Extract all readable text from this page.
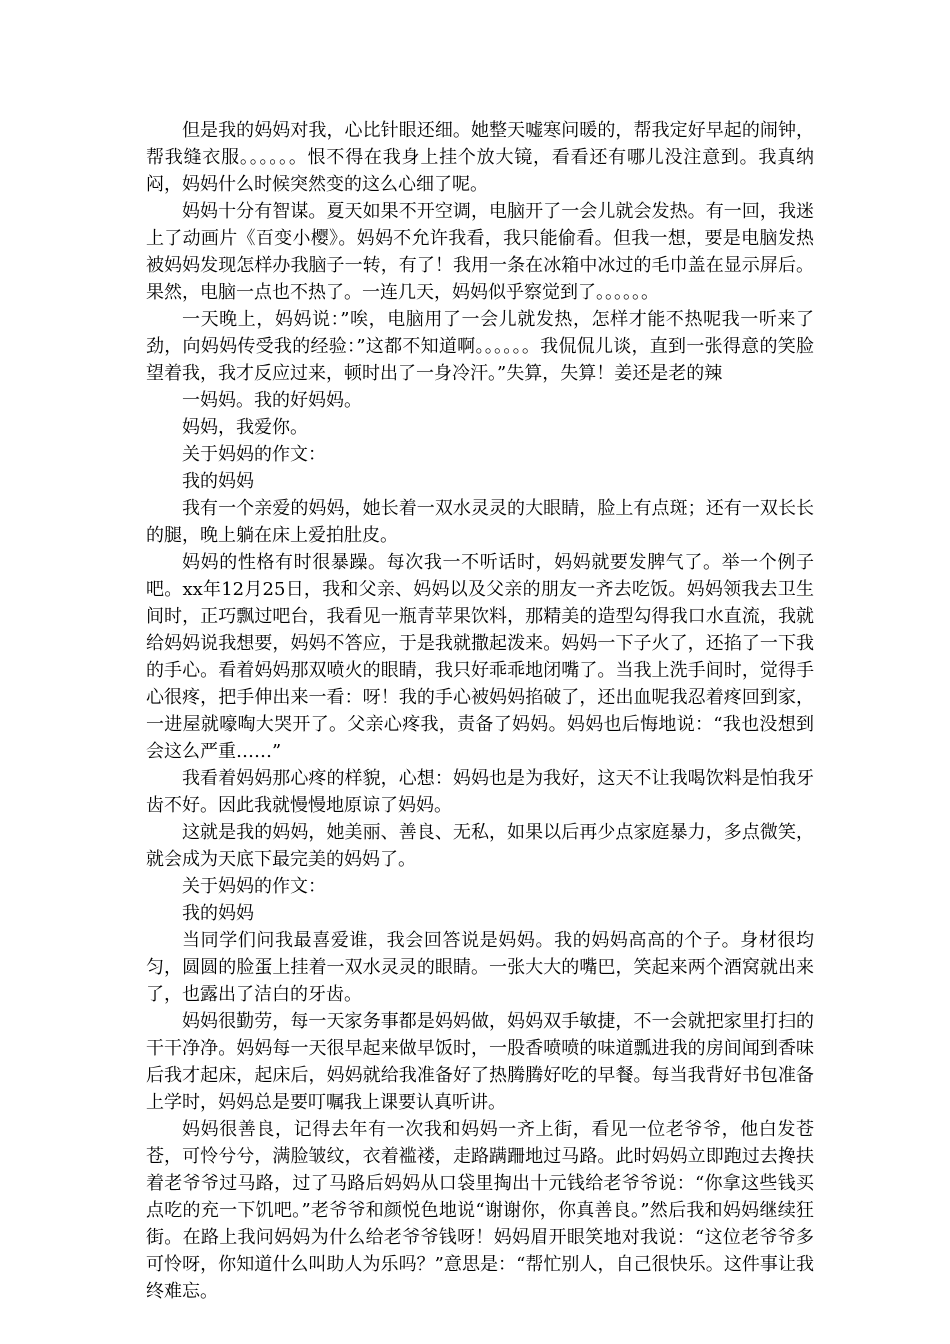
但是我的妈妈对我，心比针眼还细。她整天嘘寒问暖的，帮我定好早起的闹钟，帮我缝衣服。。。。。。恨不得在我身上挂个放大镜，看看还有哪儿没注意到。我真纳闷，妈妈什么时候突然变的这么心细了呢。

妈妈十分有智谋。夏天如果不开空调，电脑开了一会儿就会发热。有一回，我迷上了动画片《百变小樱》。妈妈不允许我看，我只能偷看。但我一想，要是电脑发热被妈妈发现怎样办我脑子一转，有了！我用一条在冰箱中冰过的毛巾盖在显示屏后。果然，电脑一点也不热了。一连几天，妈妈似乎察觉到了。。。。。。

一天晚上，妈妈说：”唉，电脑用了一会儿就发热，怎样才能不热呢我一听来了劲，向妈妈传受我的经验：”这都不知道啊。。。。。。我侃侃儿谈，直到一张得意的笑脸望着我，我才反应过来，顿时出了一身冷汗。”失算，失算！姜还是老的辣

一妈妈。我的好妈妈。

妈妈，我爱你。

关于妈妈的作文：

我的妈妈

我有一个亲爱的妈妈，她长着一双水灵灵的大眼睛，脸上有点斑；还有一双长长的腿，晚上躺在床上爱拍肚皮。

妈妈的性格有时很暴躁。每次我一不听话时，妈妈就要发脾气了。举一个例子吧。xx年12月25日，我和父亲、妈妈以及父亲的朋友一齐去吃饭。妈妈领我去卫生间时，正巧飘过吧台，我看见一瓶青苹果饮料，那精美的造型勾得我口水直流，我就给妈妈说我想要，妈妈不答应，于是我就撒起泼来。妈妈一下子火了，还掐了一下我的手心。看着妈妈那双喷火的眼睛，我只好乖乖地闭嘴了。当我上洗手间时，觉得手心很疼，把手伸出来一看：呀！我的手心被妈妈掐破了，还出血呢我忍着疼回到家，一进屋就嚎啕大哭开了。父亲心疼我，责备了妈妈。妈妈也后悔地说：“我也没想到会这么严重……”

我看着妈妈那心疼的样貌，心想：妈妈也是为我好，这天不让我喝饮料是怕我牙齿不好。因此我就慢慢地原谅了妈妈。

这就是我的妈妈，她美丽、善良、无私，如果以后再少点家庭暴力，多点微笑，就会成为天底下最完美的妈妈了。

关于妈妈的作文：

我的妈妈

当同学们问我最喜爱谁，我会回答说是妈妈。我的妈妈高高的个子。身材很均匀，圆圆的脸蛋上挂着一双水灵灵的眼睛。一张大大的嘴巴，笑起来两个酒窝就出来了，也露出了洁白的牙齿。

妈妈很勤劳，每一天家务事都是妈妈做，妈妈双手敏捷，不一会就把家里打扫的干干净净。妈妈每一天很早起来做早饭时，一股香喷喷的味道瓢进我的房间闻到香味后我才起床，起床后，妈妈就给我准备好了热腾腾好吃的早餐。每当我背好书包准备上学时，妈妈总是要叮嘱我上课要认真听讲。

妈妈很善良，记得去年有一次我和妈妈一齐上街，看见一位老爷爷，他白发苍苍，可怜兮兮，满脸皱纹，衣着褴褛，走路蹒跚地过马路。此时妈妈立即跑过去搀扶着老爷爷过马路，过了马路后妈妈从口袋里掏出十元钱给老爷爷说：“你拿这些钱买点吃的充一下饥吧。”老爷爷和颜悦色地说“谢谢你，你真善良。”然后我和妈妈继续狂街。在路上我问妈妈为什么给老爷爷钱呀！妈妈眉开眼笑地对我说：“这位老爷爷多可怜呀，你知道什么叫助人为乐吗？”意思是：“帮忙别人，自己很快乐。这件事让我终难忘。
